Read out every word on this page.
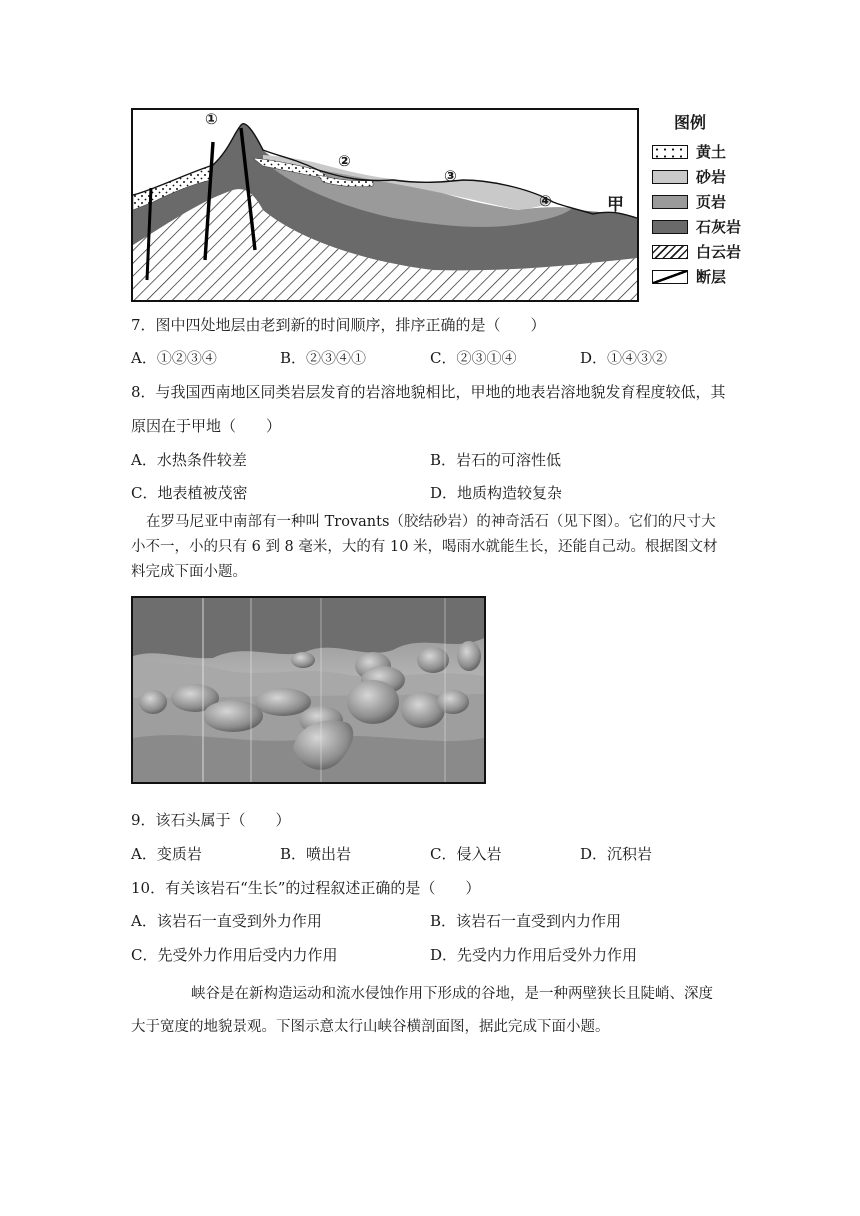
①
②
③
④	甲
图例
黄土
砂岩
页岩
石灰岩
白云岩
断层
7．图中四处地层由老到新的时间顺序，排序正确的是（　　）
A．①②③④	B．②③④①	C．②③①④	D．①④③②
8．与我国西南地区同类岩层发育的岩溶地貌相比，甲地的地表岩溶地貌发育程度较低，其
原因在于甲地（　　）
A．水热条件较差	B．岩石的可溶性低
C．地表植被茂密	D．地质构造较复杂
在罗马尼亚中南部有一种叫 Trovants（胶结砂岩）的神奇活石（见下图）。它们的尺寸大
小不一，小的只有 6 到 8 毫米，大的有 10 米，喝雨水就能生长，还能自己动。根据图文材
料完成下面小题。
9．该石头属于（　　）
A．变质岩	B．喷出岩	C．侵入岩	D．沉积岩
10．有关该岩石“生长”的过程叙述正确的是（　　）
A．该岩石一直受到外力作用	B．该岩石一直受到内力作用
C．先受外力作用后受内力作用	D．先受内力作用后受外力作用
峡谷是在新构造运动和流水侵蚀作用下形成的谷地，是一种两壁狭长且陡峭、深度
大于宽度的地貌景观。下图示意太行山峡谷横剖面图，据此完成下面小题。
